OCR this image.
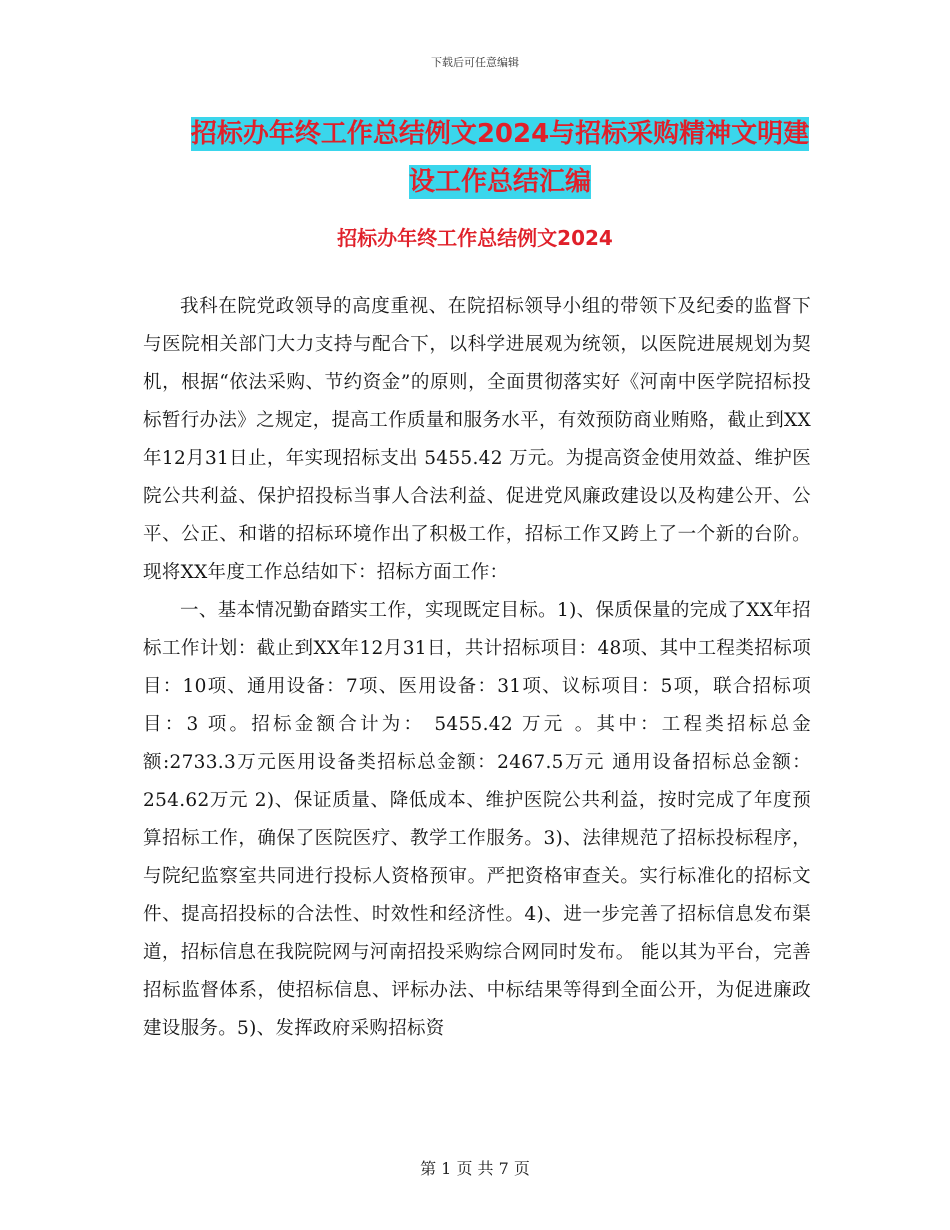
下载后可任意编辑
招标办年终工作总结例文2024与招标采购精神文明建
设工作总结汇编
招标办年终工作总结例文2024

我科在院党政领导的高度重视、在院招标领导小组的带领下及纪委的监督下与医院相关部门大力支持与配合下，以科学进展观为统领，以医院进展规划为契机，根据“依法采购、节约资金”的原则，全面贯彻落实好《河南中医学院招标投标暂行办法》之规定，提高工作质量和服务水平，有效预防商业贿赂，截止到XX年12月31日止，年实现招标支出 5455.42 万元。为提高资金使用效益、维护医院公共利益、保护招投标当事人合法利益、促进党风廉政建设以及构建公开、公平、公正、和谐的招标环境作出了积极工作，招标工作又跨上了一个新的台阶。现将XX年度工作总结如下：招标方面工作：

一、基本情况勤奋踏实工作，实现既定目标。1)、保质保量的完成了XX年招标工作计划：截止到XX年12月31日，共计招标项目：48项、其中工程类招标项目：10项、通用设备：7项、医用设备：31项、议标项目：5项，联合招标项目：3 项。招标金额合计为： 5455.42 万元 。其中：工程类招标总金额:2733.3万元医用设备类招标总金额：2467.5万元 通用设备招标总金额：254.62万元 2)、保证质量、降低成本、维护医院公共利益，按时完成了年度预算招标工作，确保了医院医疗、教学工作服务。3)、法律规范了招标投标程序，与院纪监察室共同进行投标人资格预审。严把资格审查关。实行标准化的招标文件、提高招投标的合法性、时效性和经济性。4)、进一步完善了招标信息发布渠道，招标信息在我院院网与河南招投采购综合网同时发布。 能以其为平台，完善招标监督体系，使招标信息、评标办法、中标结果等得到全面公开，为促进廉政建设服务。5)、发挥政府采购招标资

第 1 页 共 7 页
